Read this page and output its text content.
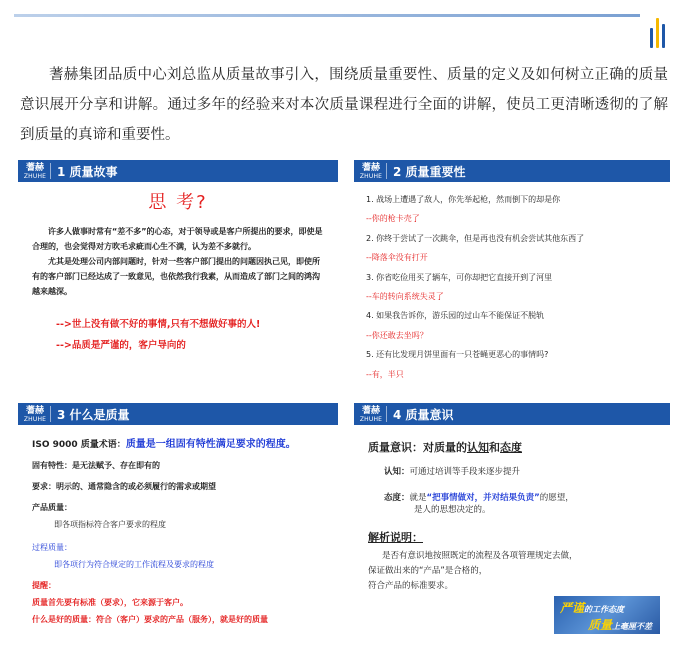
蓍赫集团品质中心刘总监从质量故事引入，围绕质量重要性、质量的定义及如何树立正确的质量意识展开分享和讲解。通过多年的经验来对本次质量课程进行全面的讲解，使员工更清晰透彻的了解到质量的真谛和重要性。

蓍赫
ZHUHE 1 质量故事
思 考?

许多人做事时常有“差不多”的心态，对于领导或是客户所提出的要求，即使是合理的，也会觉得对方吹毛求疵而心生不满，认为差不多就行。

尤其是处理公司内部问题时，针对一些客户部门提出的问题因执己见，即使所有的客户部门已经达成了一致意见，也依然我行我素，从而造成了部门之间的鸿沟越来越深。

-->世上没有做不好的事情,只有不想做好事的人!
-->品质是严谨的，客户导向的
蓍赫
ZHUHE 2 质量重要性
1. 战场上遭遇了敌人，你先举起枪，然而倒下的却是你
--你的枪卡壳了
2. 你终于尝试了一次跳伞，但是再也没有机会尝试其他东西了
--降落伞没有打开
3. 你省吃俭用买了辆车，可你却把它直接开到了河里
--车的转向系统失灵了
4. 如果我告诉你，游乐园的过山车不能保证不脱轨
--你还敢去坐吗？
5. 还有比发现月饼里面有一只苍蝇更恶心的事情吗?
--有，半只
蓍赫
ZHUHE 3 什么是质量
ISO 9000 质量术语：质量是一组固有特性满足要求的程度。
固有特性：是无法赋予、存在即有的
要求：明示的、通常隐含的或必须履行的需求或期望
产品质量：
即各项指标符合客户要求的程度
过程质量：
即各项行为符合规定的工作流程及要求的程度
提醒：
质量首先要有标准（要求），它来源于客户。
什么是好的质量：符合（客户）要求的产品（服务），就是好的质量
蓍赫
ZHUHE 4 质量意识
质量意识：对质量的认知和态度
认知：可通过培训等手段来逐步提升
态度：就是“把事情做对，并对结果负责”的愿望，
是人的思想决定的。
解析说明：
是否有意识地按照既定的流程及各项管理规定去做，
保证做出来的“产品”是合格的，
符合产品的标准要求。
严谨的工作态度
质量上毫厘不差
